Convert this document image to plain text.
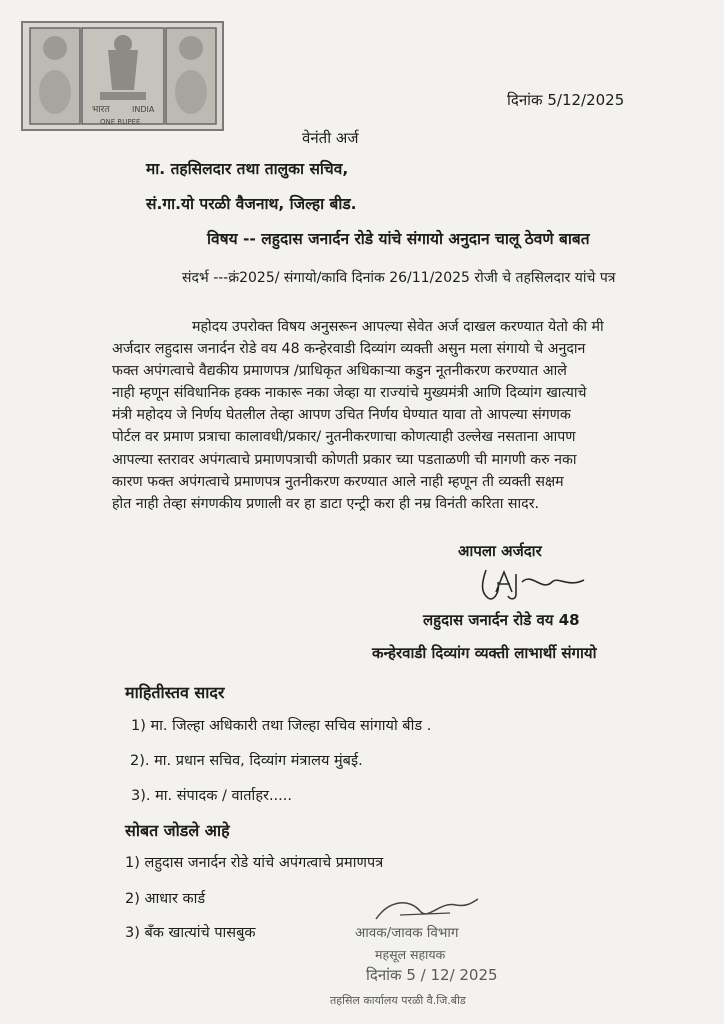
भारत	INDIA
ONE RUPEE
दिनांक 5/12/2025
वेनंती अर्ज
मा. तहसिलदार तथा तालुका सचिव,
सं.गा.यो परळी वैजनाथ, जिल्हा बीड.
विषय -- लहुदास जनार्दन रोडे यांचे संगायो अनुदान चालू ठेवणे बाबत
संदर्भ ---क्रं2025/ संगायो/कावि दिनांक 26/11/2025 रोजी चे तहसिलदार यांचे पत्र
महोदय उपरोक्त विषय अनुसरून आपल्या सेवेत अर्ज दाखल करण्यात येतो की मी
अर्जदार लहुदास जनार्दन रोडे वय 48 कन्हेरवाडी दिव्यांग व्यक्ती असुन मला संगायो चे अनुदान
फक्त अपंगत्वाचे वैद्यकीय प्रमाणपत्र /प्राधिकृत अधिकाऱ्या कडुन नूतनीकरण करण्यात आले
नाही म्हणून संविधानिक हक्क नाकारू नका जेव्हा या राज्यांचे मुख्यमंत्री आणि दिव्यांग खात्याचे
मंत्री महोदय जे निर्णय घेतलील तेव्हा आपण उचित निर्णय घेण्यात यावा तो आपल्या संगणक
पोर्टल वर प्रमाण प्रत्राचा कालावधी/प्रकार/ नुतनीकरणाचा कोणत्याही उल्लेख नसताना आपण
आपल्या स्तरावर अपंगत्वाचे प्रमाणपत्राची कोणती प्रकार च्या पडताळणी ची मागणी करु नका
कारण फक्त अपंगत्वाचे प्रमाणपत्र नुतनीकरण करण्यात आले नाही म्हणून ती व्यक्ती सक्षम
होत नाही तेव्हा संगणकीय प्रणाली वर हा डाटा एन्ट्री करा ही नम्र विनंती करिता सादर.
आपला अर्जदार
लहुदास जनार्दन रोडे वय 48
कन्हेरवाडी दिव्यांग व्यक्ती लाभार्थी संगायो
माहितीस्तव सादर
1) मा. जिल्हा अधिकारी तथा जिल्हा सचिव सांगायो बीड .
2). मा. प्रधान सचिव, दिव्यांग मंत्रालय मुंबई.
3). मा. संपादक / वार्ताहर.....
सोबत जोडले आहे
1) लहुदास जनार्दन रोडे यांचे अपंगत्वाचे प्रमाणपत्र
2) आधार कार्ड
3) बँक खात्यांचे पासबुक	आवक/जावक विभाग
महसूल सहायक
दिनांक 5 / 12/ 2025
तहसिल कार्यालय परळी वै.जि.बीड
